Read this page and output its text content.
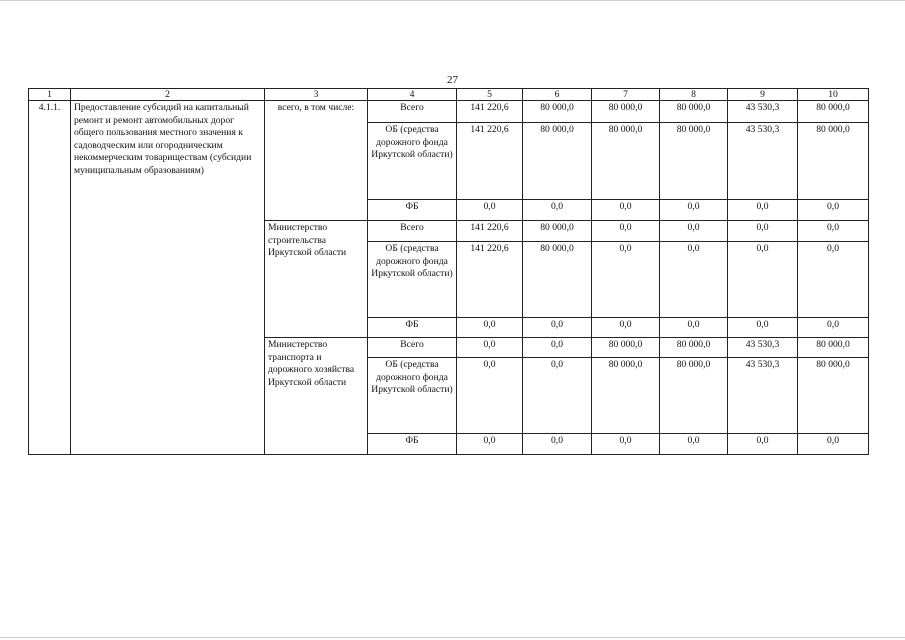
27
1	2	3	4	5	6	7	8	9	10
4.1.1.	Предоставление субсидий на капитальный ремонт и ремонт автомобильных дорог общего пользования местного значения к садоводческим или огородническим некоммерческим товариществам (субсидии муниципальным образованиям)	всего, в том числе:	Всего	141 220,6	80 000,0	80 000,0	80 000,0	43 530,3	80 000,0
			ОБ (средства дорожного фонда Иркутской области)	141 220,6	80 000,0	80 000,0	80 000,0	43 530,3	80 000,0
			ФБ	0,0	0,0	0,0	0,0	0,0	0,0
		Министерство строительства Иркутской области	Всего	141 220,6	80 000,0	0,0	0,0	0,0	0,0
			ОБ (средства дорожного фонда Иркутской области)	141 220,6	80 000,0	0,0	0,0	0,0	0,0
			ФБ	0,0	0,0	0,0	0,0	0,0	0,0
		Министерство транспорта и дорожного хозяйства Иркутской области	Всего	0,0	0,0	80 000,0	80 000,0	43 530,3	80 000,0
			ОБ (средства дорожного фонда Иркутской области)	0,0	0,0	80 000,0	80 000,0	43 530,3	80 000,0
			ФБ	0,0	0,0	0,0	0,0	0,0	0,0
